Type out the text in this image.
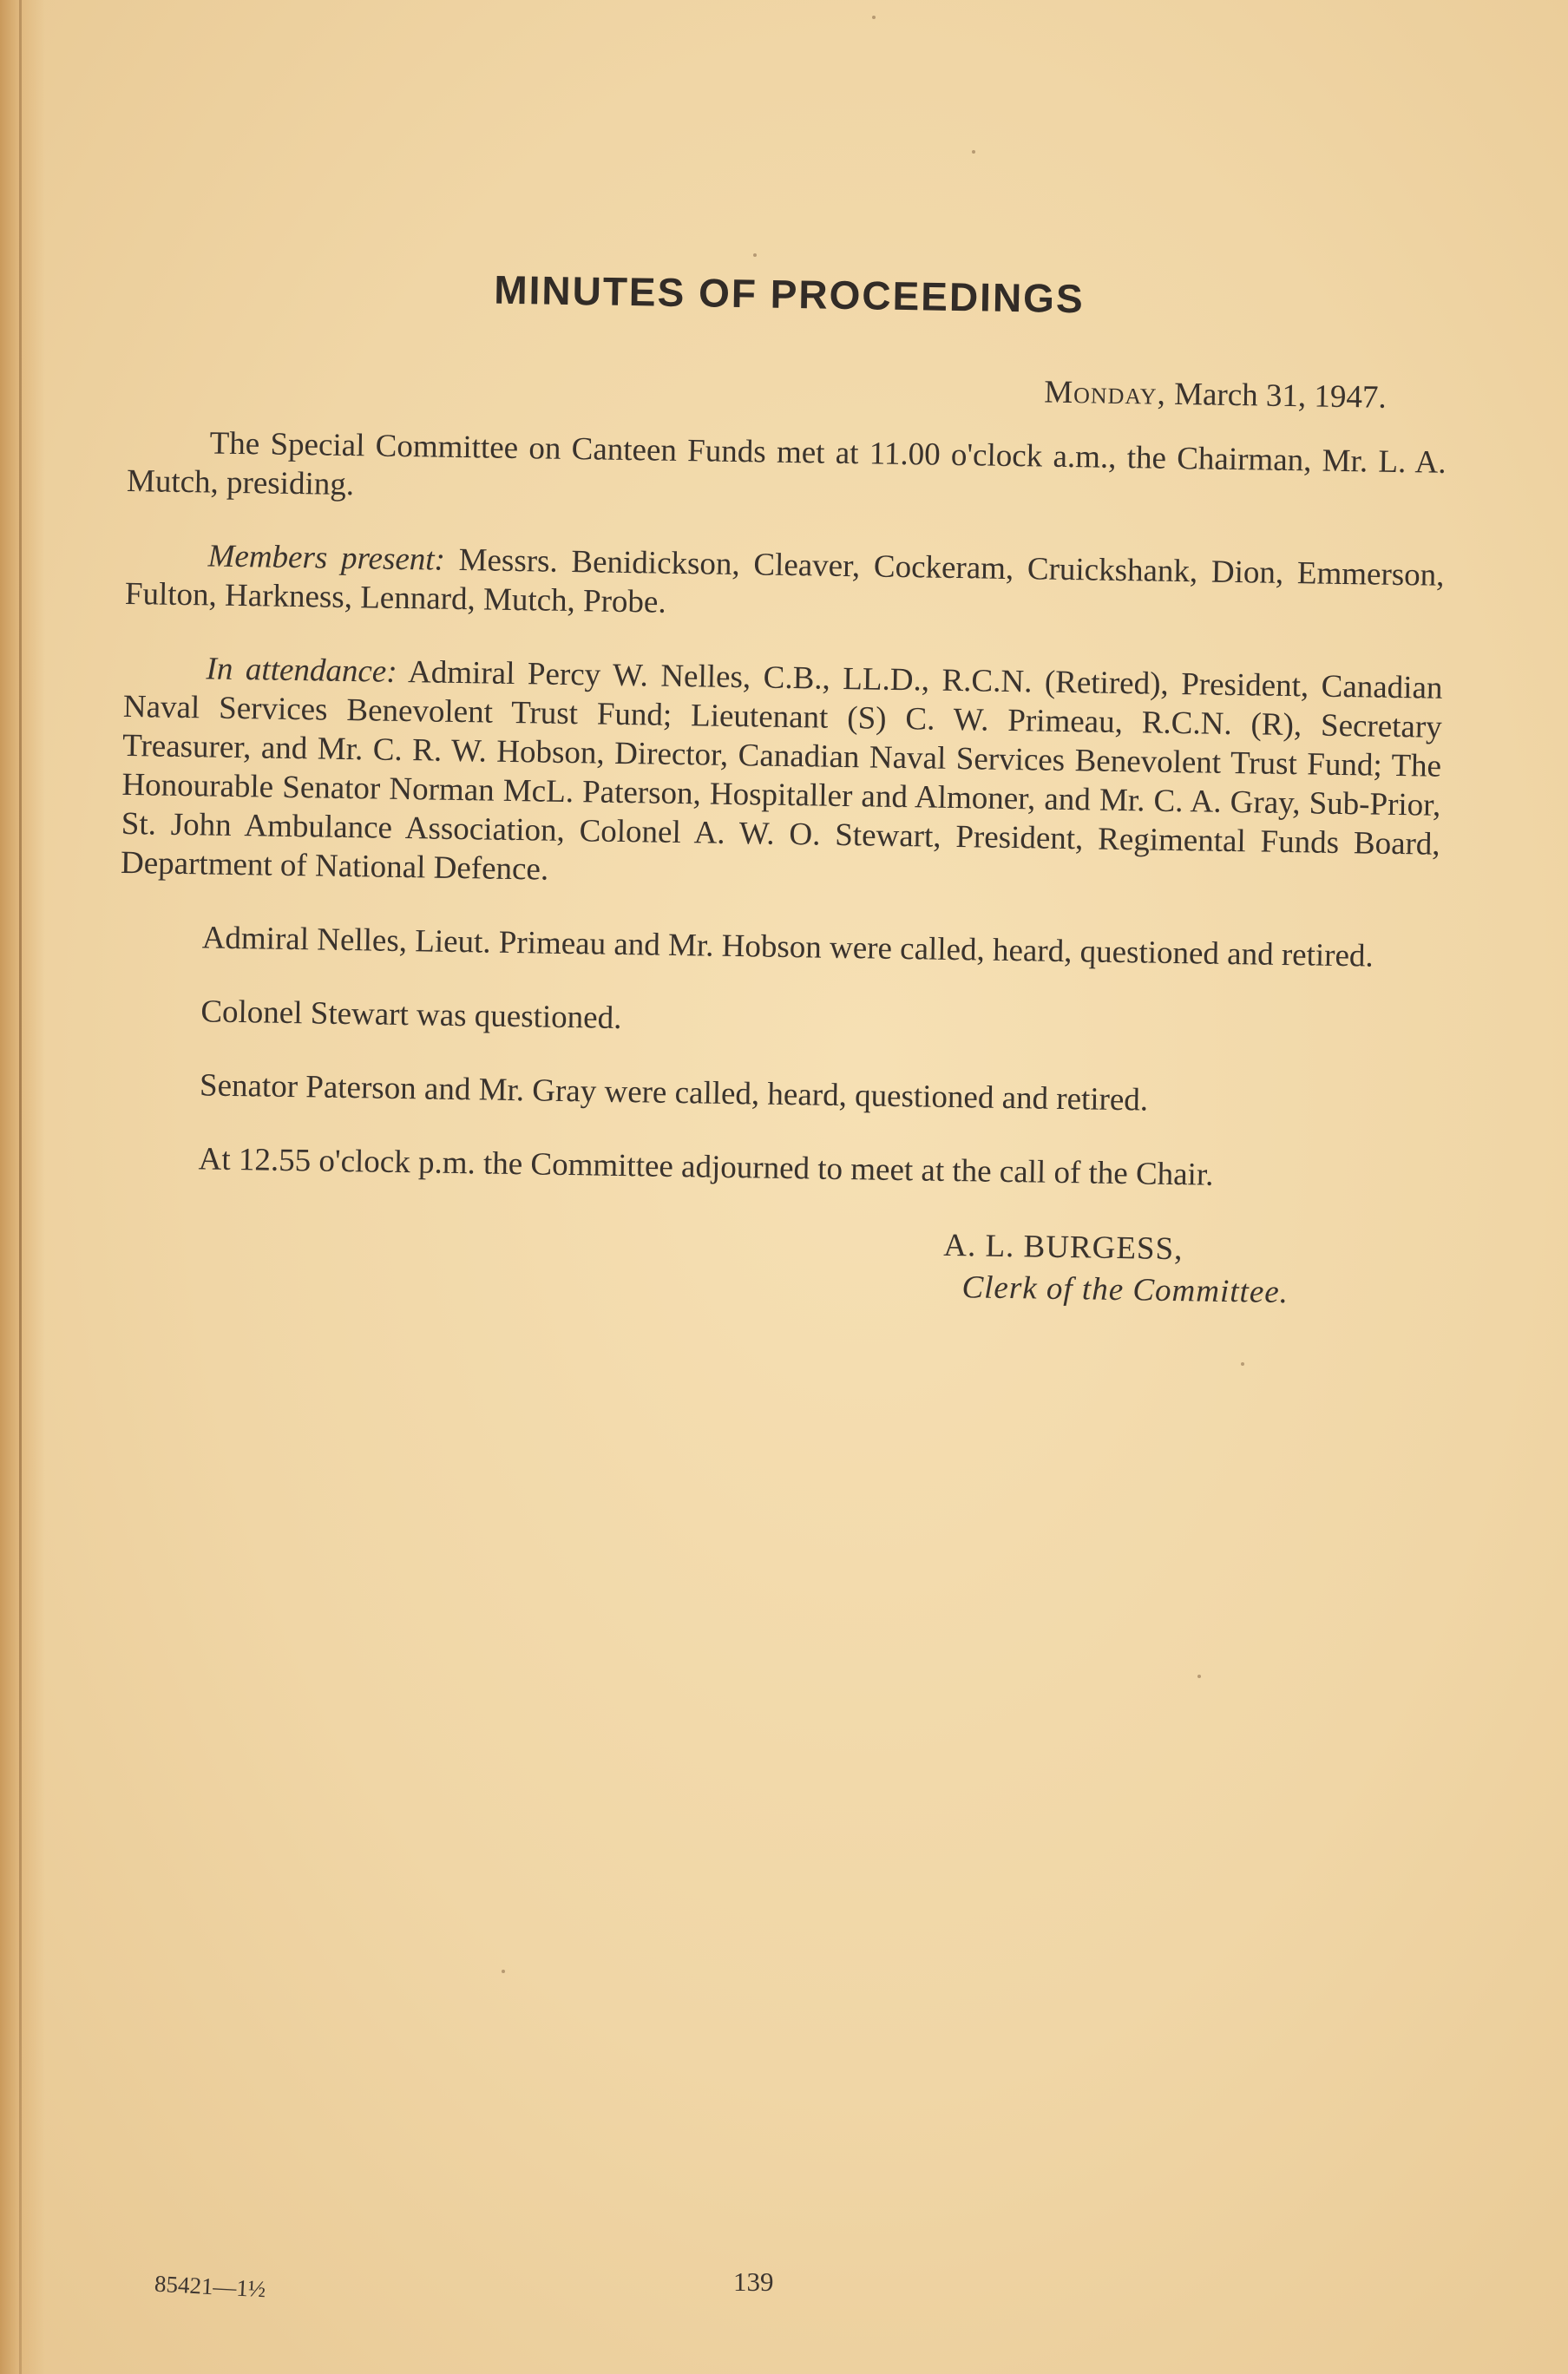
MINUTES OF PROCEEDINGS
Monday, March 31, 1947.

The Special Committee on Canteen Funds met at 11.00 o'clock a.m., the Chairman, Mr. L. A. Mutch, presiding.

Members present: Messrs. Benidickson, Cleaver, Cockeram, Cruickshank, Dion, Emmerson, Fulton, Harkness, Lennard, Mutch, Probe.

In attendance: Admiral Percy W. Nelles, C.B., LL.D., R.C.N. (Retired), President, Canadian Naval Services Benevolent Trust Fund; Lieutenant (S) C. W. Primeau, R.C.N. (R), Secretary Treasurer, and Mr. C. R. W. Hobson, Director, Canadian Naval Services Benevolent Trust Fund; The Honourable Senator Norman McL. Paterson, Hospitaller and Almoner, and Mr. C. A. Gray, Sub-Prior, St. John Ambulance Association, Colonel A. W. O. Stewart, President, Regimental Funds Board, Department of National Defence.

Admiral Nelles, Lieut. Primeau and Mr. Hobson were called, heard, questioned and retired.

Colonel Stewart was questioned.

Senator Paterson and Mr. Gray were called, heard, questioned and retired.

At 12.55 o'clock p.m. the Committee adjourned to meet at the call of the Chair.

A. L. BURGESS,
Clerk of the Committee.
85421—1½	139
